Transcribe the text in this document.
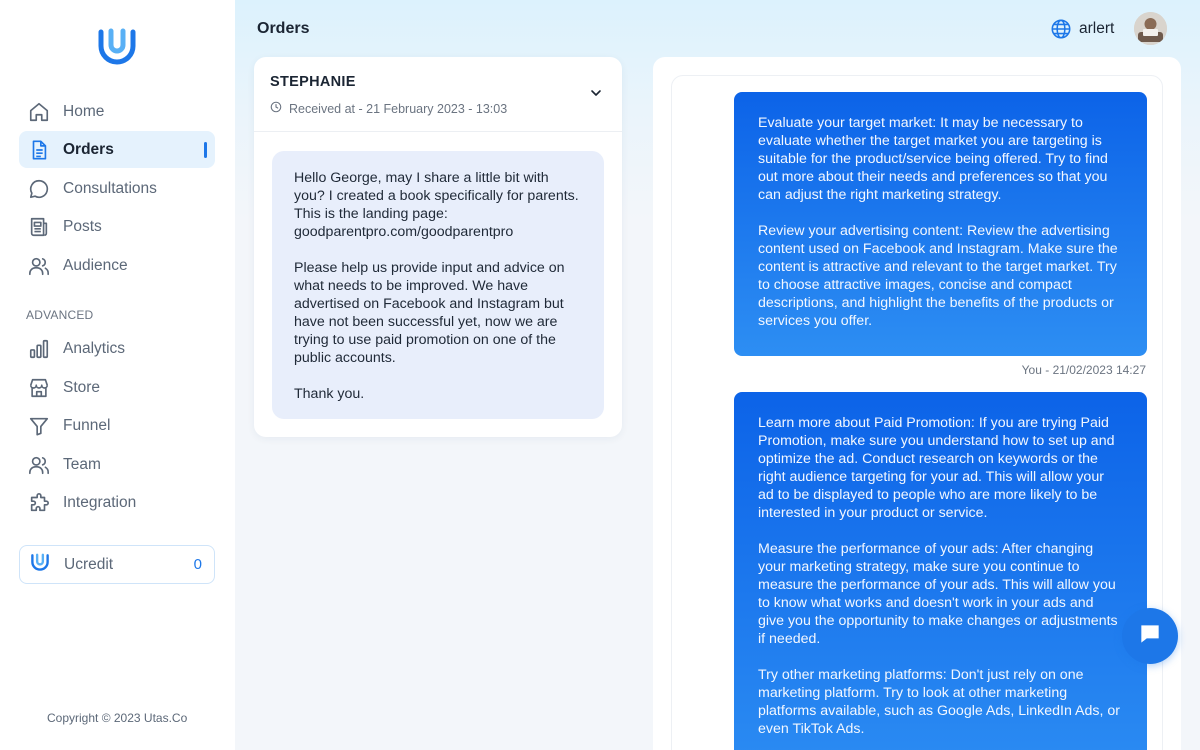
Home
Orders
Consultations
Posts
Audience
ADVANCED
Analytics
Store
Funnel
Team
Integration
Ucredit	0
Copyright © 2023 Utas.Co
Orders	arlert
STEPHANIE
Received at - 21 February 2023 - 13:03

Hello George, may I share a little bit with you? I created a book specifically for parents. This is the landing page: goodparentpro.com/goodparentpro

Please help us provide input and advice on what needs to be improved. We have advertised on Facebook and Instagram but have not been successful yet, now we are trying to use paid promotion on one of the public accounts.

Thank you.

Evaluate your target market: It may be necessary to evaluate whether the target market you are targeting is suitable for the product/service being offered. Try to find out more about their needs and preferences so that you can adjust the right marketing strategy.

Review your advertising content: Review the advertising content used on Facebook and Instagram. Make sure the content is attractive and relevant to the target market. Try to choose attractive images, concise and compact descriptions, and highlight the benefits of the products or services you offer.

You - 21/02/2023 14:27

Learn more about Paid Promotion: If you are trying Paid Promotion, make sure you understand how to set up and optimize the ad. Conduct research on keywords or the right audience targeting for your ad. This will allow your ad to be displayed to people who are more likely to be interested in your product or service.

Measure the performance of your ads: After changing your marketing strategy, make sure you continue to measure the performance of your ads. This will allow you to know what works and doesn't work in your ads and give you the opportunity to make changes or adjustments if needed.

Try other marketing platforms: Don't just rely on one marketing platform. Try to look at other marketing platforms available, such as Google Ads, LinkedIn Ads, or even TikTok Ads.
